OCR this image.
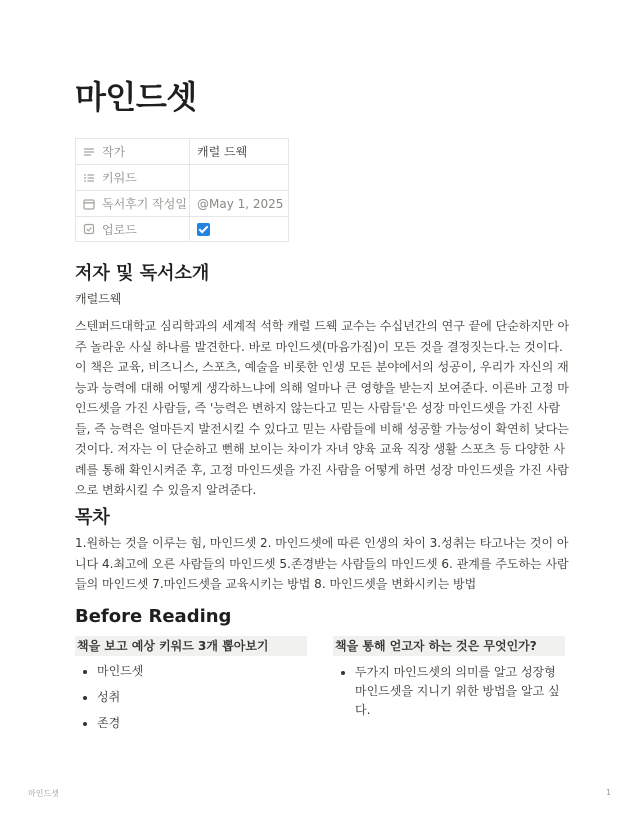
마인드셋
작가	캐럴 드웩
키워드
독서후기 작성일 @May 1, 2025
업로드
저자 및 독서소개
캐럴드웩
스텐퍼드대학교 심리학과의 세계적 석학 캐럴 드웩 교수는 수십년간의 연구 끝에 단순하지만 아
주 놀라운 사실 하나를 발견한다. 바로 마인드셋(마음가짐)이 모든 것을 결정짓는다.는 것이다.
이 책은 교육, 비즈니스, 스포츠, 예술을 비롯한 인생 모든 분야에서의 성공이, 우리가 자신의 재
능과 능력에 대해 어떻게 생각하느냐에 의해 얼마나 큰 영향을 받는지 보여준다. 이른바 고정 마
인드셋을 가진 사람들, 즉 '능력은 변하지 않는다고 믿는 사람들'은 성장 마인드셋을 가진 사람
들, 즉 능력은 얼마든지 발전시킬 수 있다고 믿는 사람들에 비해 성공할 가능성이 확연히 낮다는
것이다. 저자는 이 단순하고 뻔해 보이는 차이가 자녀 양육 교육 직장 생활 스포츠 등 다양한 사
례를 통해 확인시켜준 후, 고정 마인드셋을 가진 사람을 어떻게 하면 성장 마인드셋을 가진 사람
으로 변화시킬 수 있을지 알려준다.
목차
1.원하는 것을 이루는 힘, 마인드셋 2. 마인드셋에 따른 인생의 차이 3.성취는 타고나는 것이 아
니다 4.최고에 오른 사람들의 마인드셋 5.존경받는 사람들의 마인드셋 6. 관계를 주도하는 사람
들의 마인드셋 7.마인드셋을 교육시키는 방법 8. 마인드셋을 변화시키는 방법
Before Reading
책을 보고 예상 키워드 3개 뽑아보기
마인드셋
성취
존경
책을 통해 얻고자 하는 것은 무엇인가?
두가지 마인드셋의 의미를 알고 성장형
마인드셋을 지니기 위한 방법을 알고 싶
다.
마인드셋	1
